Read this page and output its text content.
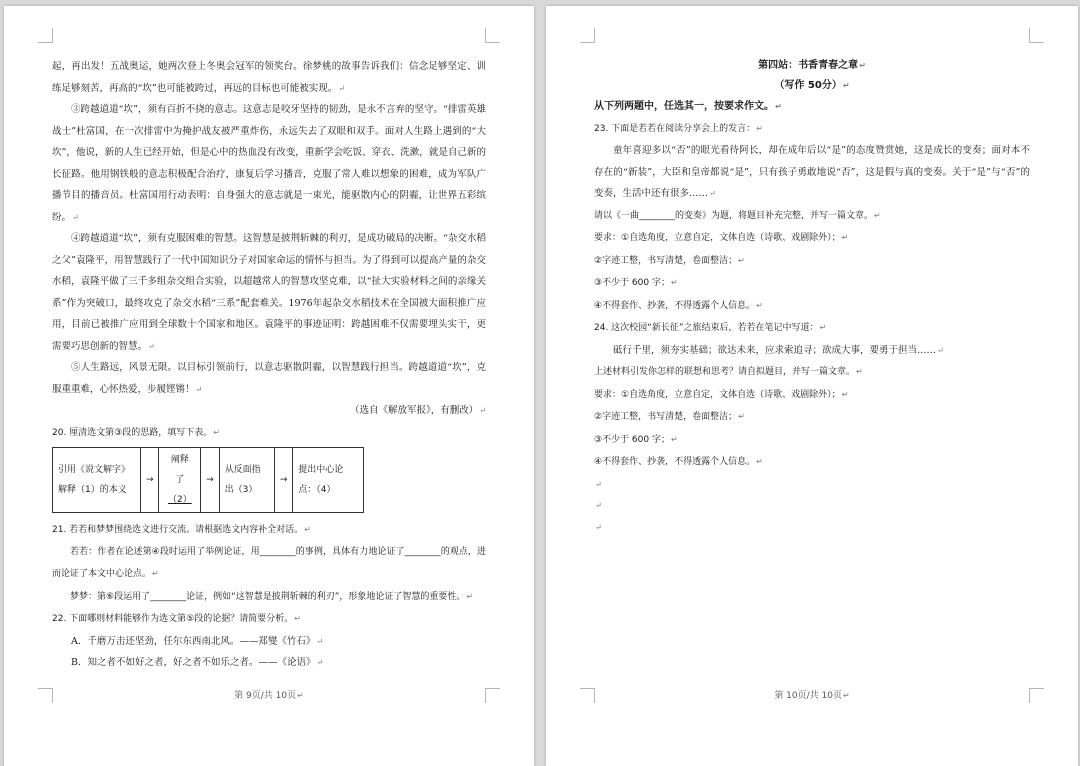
起，再出发！五战奥运，她两次登上冬奥会冠军的领奖台。徐梦桃的故事告诉我们：信念足够坚定、训练足够刻苦，再高的“坎”也可能被跨过，再远的目标也可能被实现。↵

③跨越道道“坎”，须有百折不挠的意志。这意志是咬牙坚持的韧劲，是永不言弃的坚守。“排雷英雄战士”杜富国，在一次排雷中为掩护战友被严重炸伤，永远失去了双眼和双手。面对人生路上遇到的“大坎”，他说，新的人生已经开始，但是心中的热血没有改变，重新学会吃饭、穿衣、洗漱，就是自己新的长征路。他用钢铁般的意志积极配合治疗，康复后学习播音，克服了常人难以想象的困难，成为军队广播节目的播音员。杜富国用行动表明：自身强大的意志就是一束光，能驱散内心的阴霾，让世界五彩缤纷。↵

④跨越道道“坎”，须有克服困难的智慧。这智慧是披荆斩棘的利刃，是成功破局的决断。“杂交水稻之父”袁隆平，用智慧践行了一代中国知识分子对国家命运的情怀与担当。为了得到可以提高产量的杂交水稻，袁隆平做了三千多组杂交组合实验，以超越常人的智慧攻坚克难，以“扯大实验材料之间的亲缘关系”作为突破口，最终攻克了杂交水稻“三系”配套难关。1976年起杂交水稻技术在全国被大面积推广应用，目前已被推广应用到全球数十个国家和地区。袁隆平的事迹证明：跨越困难不仅需要埋头实干，更需要巧思创新的智慧。↵

⑤人生路远，风景无限。以目标引领前行，以意志驱散阴霾，以智慧践行担当。跨越道道“坎”，克服重重难，心怀热爱，步履铿锵！↵

（选自《解放军报》，有删改）↵

20. 厘清选文第③段的思路，填写下表。↵

引用《说文解字》解释（1）的本义
→
阐释
了
（2）
→
从反面指出（3）
→
提出中心论点：（4）

21. 若若和梦梦围绕选文进行交流。请根据选文内容补全对话。↵

若若：作者在论述第④段时运用了举例论证，用________的事例，具体有力地论证了________的观点，进而论证了本文中心论点。↵

梦梦：第⑥段运用了________论证，例如“这智慧是披荆斩棘的利刃”，形象地论证了智慧的重要性。↵

22. 下面哪则材料能够作为选文第⑤段的论据？请简要分析。↵

A．千磨万击还坚劲，任尔东西南北风。——郑燮《竹石》↵

B．知之者不如好之者，好之者不如乐之者。——《论语》↵

第 9页/共 10页↵

第四站：书香青春之章↵

（写作 50分）↵

从下列两题中，任选其一，按要求作文。↵

23. 下面是若若在阅读分享会上的发言：↵

童年喜迎多以“否”的眼光看待阿长，却在成年后以“是”的态度赞赏她，这是成长的变奏；面对本不存在的“新装”，大臣和皇帝都说“是”，只有孩子勇敢地说“否”，这是假与真的变奏。关于“是”与“否”的变奏，生活中还有很多……↵

请以《一曲________的变奏》为题，将题目补充完整，并写一篇文章。↵

要求：①自选角度，立意自定，文体自选（诗歌、戏剧除外）；↵

②字迹工整，书写清楚，卷面整洁；↵

③不少于 600 字；↵

④不得套作、抄袭，不得透露个人信息。↵

24. 这次校园“新长征”之旅结束后，若若在笔记中写道：↵

砥行千里，须夯实基础；欲达未来，应求索追寻；欲成大事，要勇于担当……↵

上述材料引发你怎样的联想和思考？请自拟题目，并写一篇文章。↵

要求：①自选角度，立意自定，文体自选（诗歌、戏剧除外）；↵

②字迹工整，书写清楚，卷面整洁；↵

③不少于 600 字；↵

④不得套作、抄袭，不得透露个人信息。↵

↵

↵

↵

第 10页/共 10页↵
